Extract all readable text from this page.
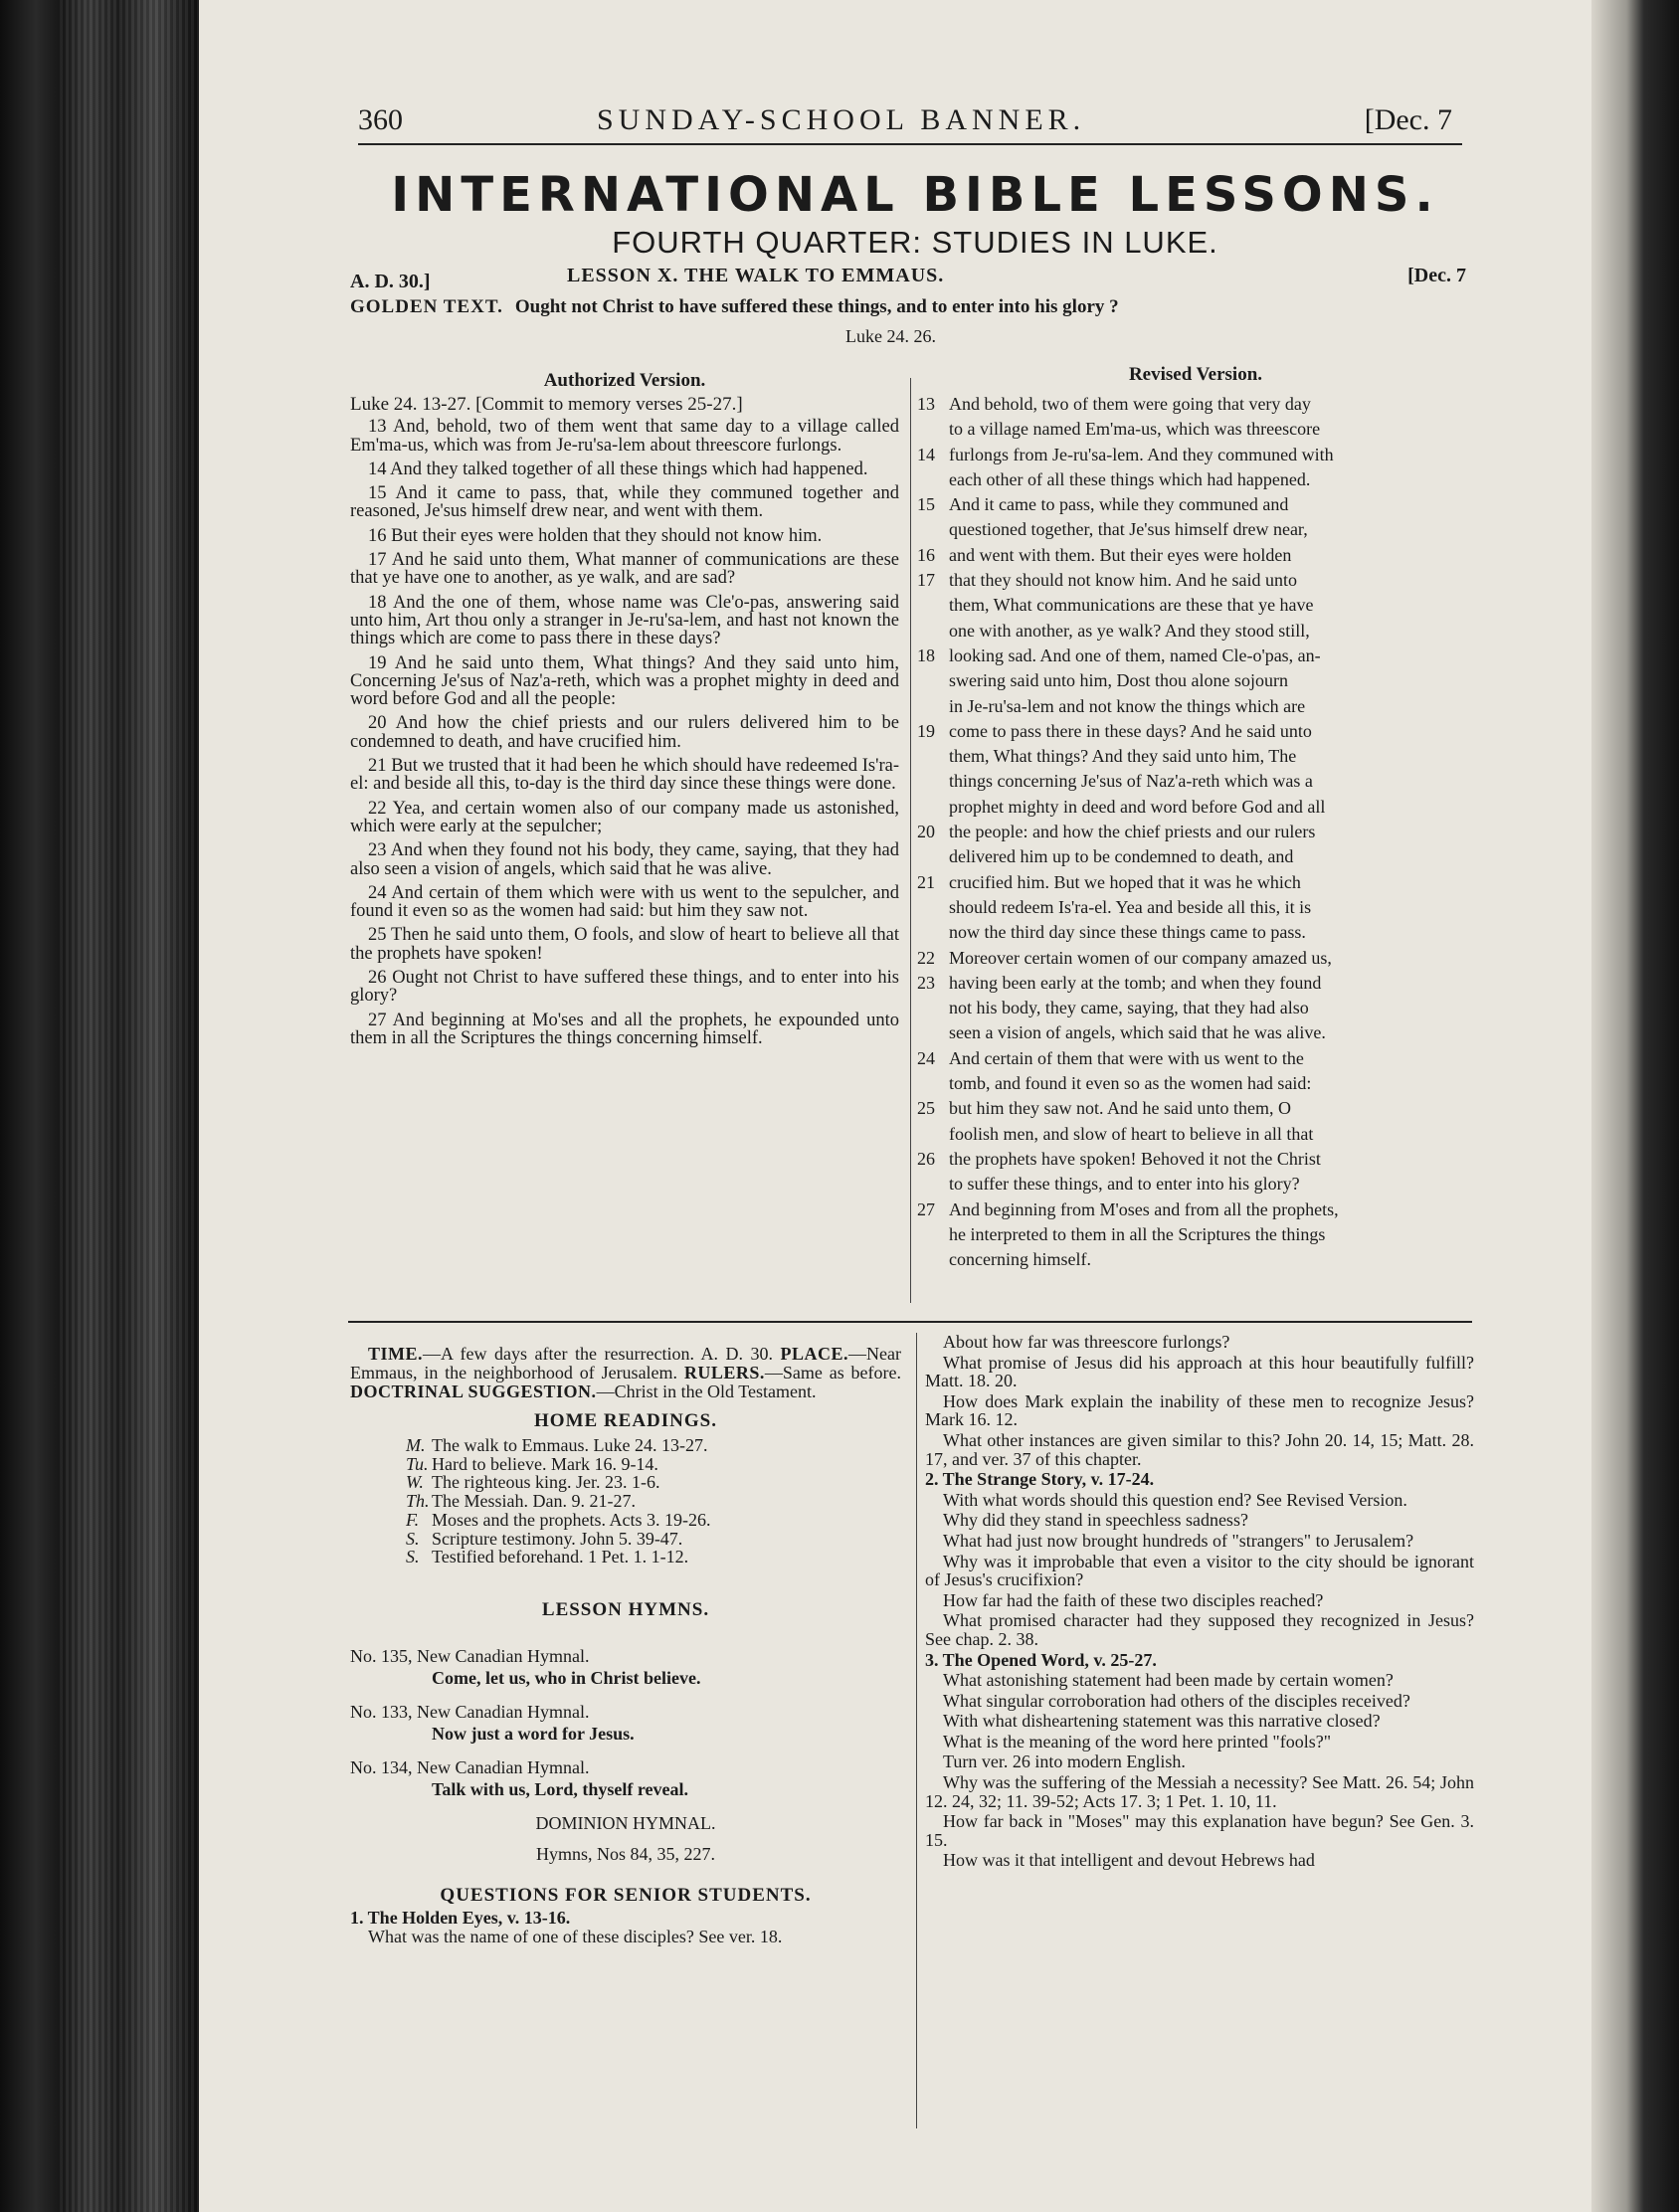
360	SUNDAY-SCHOOL BANNER.	[Dec. 7
INTERNATIONAL BIBLE LESSONS.
FOURTH QUARTER: STUDIES IN LUKE.
A. D. 30.]	LESSON X. THE WALK TO EMMAUS.	[Dec. 7
GOLDEN TEXT. Ought not Christ to have suffered these things, and to enter into his glory ?
Luke 24. 26.
Authorized Version.	Revised Version.

Luke 24. 13-27. [Commit to memory verses 25-27.]

13 And, behold, two of them went that same day to a village called Em'ma-us, which was from Je-ru'sa-lem about threescore furlongs.

14 And they talked together of all these things which had happened.

15 And it came to pass, that, while they communed together and reasoned, Je'sus himself drew near, and went with them.

16 But their eyes were holden that they should not know him.

17 And he said unto them, What manner of communications are these that ye have one to another, as ye walk, and are sad?

18 And the one of them, whose name was Cle'o-pas, answering said unto him, Art thou only a stranger in Je-ru'sa-lem, and hast not known the things which are come to pass there in these days?

19 And he said unto them, What things? And they said unto him, Concerning Je'sus of Naz'a-reth, which was a prophet mighty in deed and word before God and all the people:

20 And how the chief priests and our rulers delivered him to be condemned to death, and have crucified him.

21 But we trusted that it had been he which should have redeemed Is'ra-el: and beside all this, to-day is the third day since these things were done.

22 Yea, and certain women also of our company made us astonished, which were early at the sepulcher;

23 And when they found not his body, they came, saying, that they had also seen a vision of angels, which said that he was alive.

24 And certain of them which were with us went to the sepulcher, and found it even so as the women had said: but him they saw not.

25 Then he said unto them, O fools, and slow of heart to believe all that the prophets have spoken!

26 Ought not Christ to have suffered these things, and to enter into his glory?

27 And beginning at Mo'ses and all the prophets, he expounded unto them in all the Scriptures the things concerning himself.

13 And behold, two of them were going that very day
to a village named Em'ma-us, which was threescore
14 furlongs from Je-ru'sa-lem. And they communed with
each other of all these things which had happened.
15 And it came to pass, while they communed and
questioned together, that Je'sus himself drew near,
16 and went with them. But their eyes were holden
17 that they should not know him. And he said unto
them, What communications are these that ye have
one with another, as ye walk? And they stood still,
18 looking sad. And one of them, named Cle-o'pas, an-
swering said unto him, Dost thou alone sojourn
in Je-ru'sa-lem and not know the things which are
19 come to pass there in these days? And he said unto
them, What things? And they said unto him, The
things concerning Je'sus of Naz'a-reth which was a
prophet mighty in deed and word before God and all
20 the people: and how the chief priests and our rulers
delivered him up to be condemned to death, and
21 crucified him. But we hoped that it was he which
should redeem Is'ra-el. Yea and beside all this, it is
now the third day since these things came to pass.
22 Moreover certain women of our company amazed us,
23 having been early at the tomb; and when they found
not his body, they came, saying, that they had also
seen a vision of angels, which said that he was alive.
24 And certain of them that were with us went to the
tomb, and found it even so as the women had said:
25 but him they saw not. And he said unto them, O
foolish men, and slow of heart to believe in all that
26 the prophets have spoken! Behoved it not the Christ
to suffer these things, and to enter into his glory?
27 And beginning from M'oses and from all the prophets,
he interpreted to them in all the Scriptures the things
concerning himself.

TIME.—A few days after the resurrection. A. D. 30. PLACE.—Near Emmaus, in the neighborhood of Jerusalem. RULERS.—Same as before. DOCTRINAL SUGGESTION.—Christ in the Old Testament.

HOME READINGS.

M. The walk to Emmaus. Luke 24. 13-27.
Tu. Hard to believe. Mark 16. 9-14.
W. The righteous king. Jer. 23. 1-6.
Th. The Messiah. Dan. 9. 21-27.
F. Moses and the prophets. Acts 3. 19-26.
S. Scripture testimony. John 5. 39-47.
S. Testified beforehand. 1 Pet. 1. 1-12.

LESSON HYMNS.

No. 135, New Canadian Hymnal.
Come, let us, who in Christ believe.
No. 133, New Canadian Hymnal.
Now just a word for Jesus.
No. 134, New Canadian Hymnal.
Talk with us, Lord, thyself reveal.

DOMINION HYMNAL.

Hymns, Nos 84, 35, 227.

QUESTIONS FOR SENIOR STUDENTS.

1. The Holden Eyes, v. 13-16.

What was the name of one of these disciples? See ver. 18.

About how far was threescore furlongs?

What promise of Jesus did his approach at this hour beautifully fulfill? Matt. 18. 20.

How does Mark explain the inability of these men to recognize Jesus? Mark 16. 12.

What other instances are given similar to this? John 20. 14, 15; Matt. 28. 17, and ver. 37 of this chapter.

2. The Strange Story, v. 17-24.

With what words should this question end? See Revised Version.

Why did they stand in speechless sadness?

What had just now brought hundreds of "strangers" to Jerusalem?

Why was it improbable that even a visitor to the city should be ignorant of Jesus's crucifixion?

How far had the faith of these two disciples reached?

What promised character had they supposed they recognized in Jesus? See chap. 2. 38.

3. The Opened Word, v. 25-27.

What astonishing statement had been made by certain women?

What singular corroboration had others of the disciples received?

With what disheartening statement was this narrative closed?

What is the meaning of the word here printed "fools?"

Turn ver. 26 into modern English.

Why was the suffering of the Messiah a necessity? See Matt. 26. 54; John 12. 24, 32; 11. 39-52; Acts 17. 3; 1 Pet. 1. 10, 11.

How far back in "Moses" may this explanation have begun? See Gen. 3. 15.

How was it that intelligent and devout Hebrews had
